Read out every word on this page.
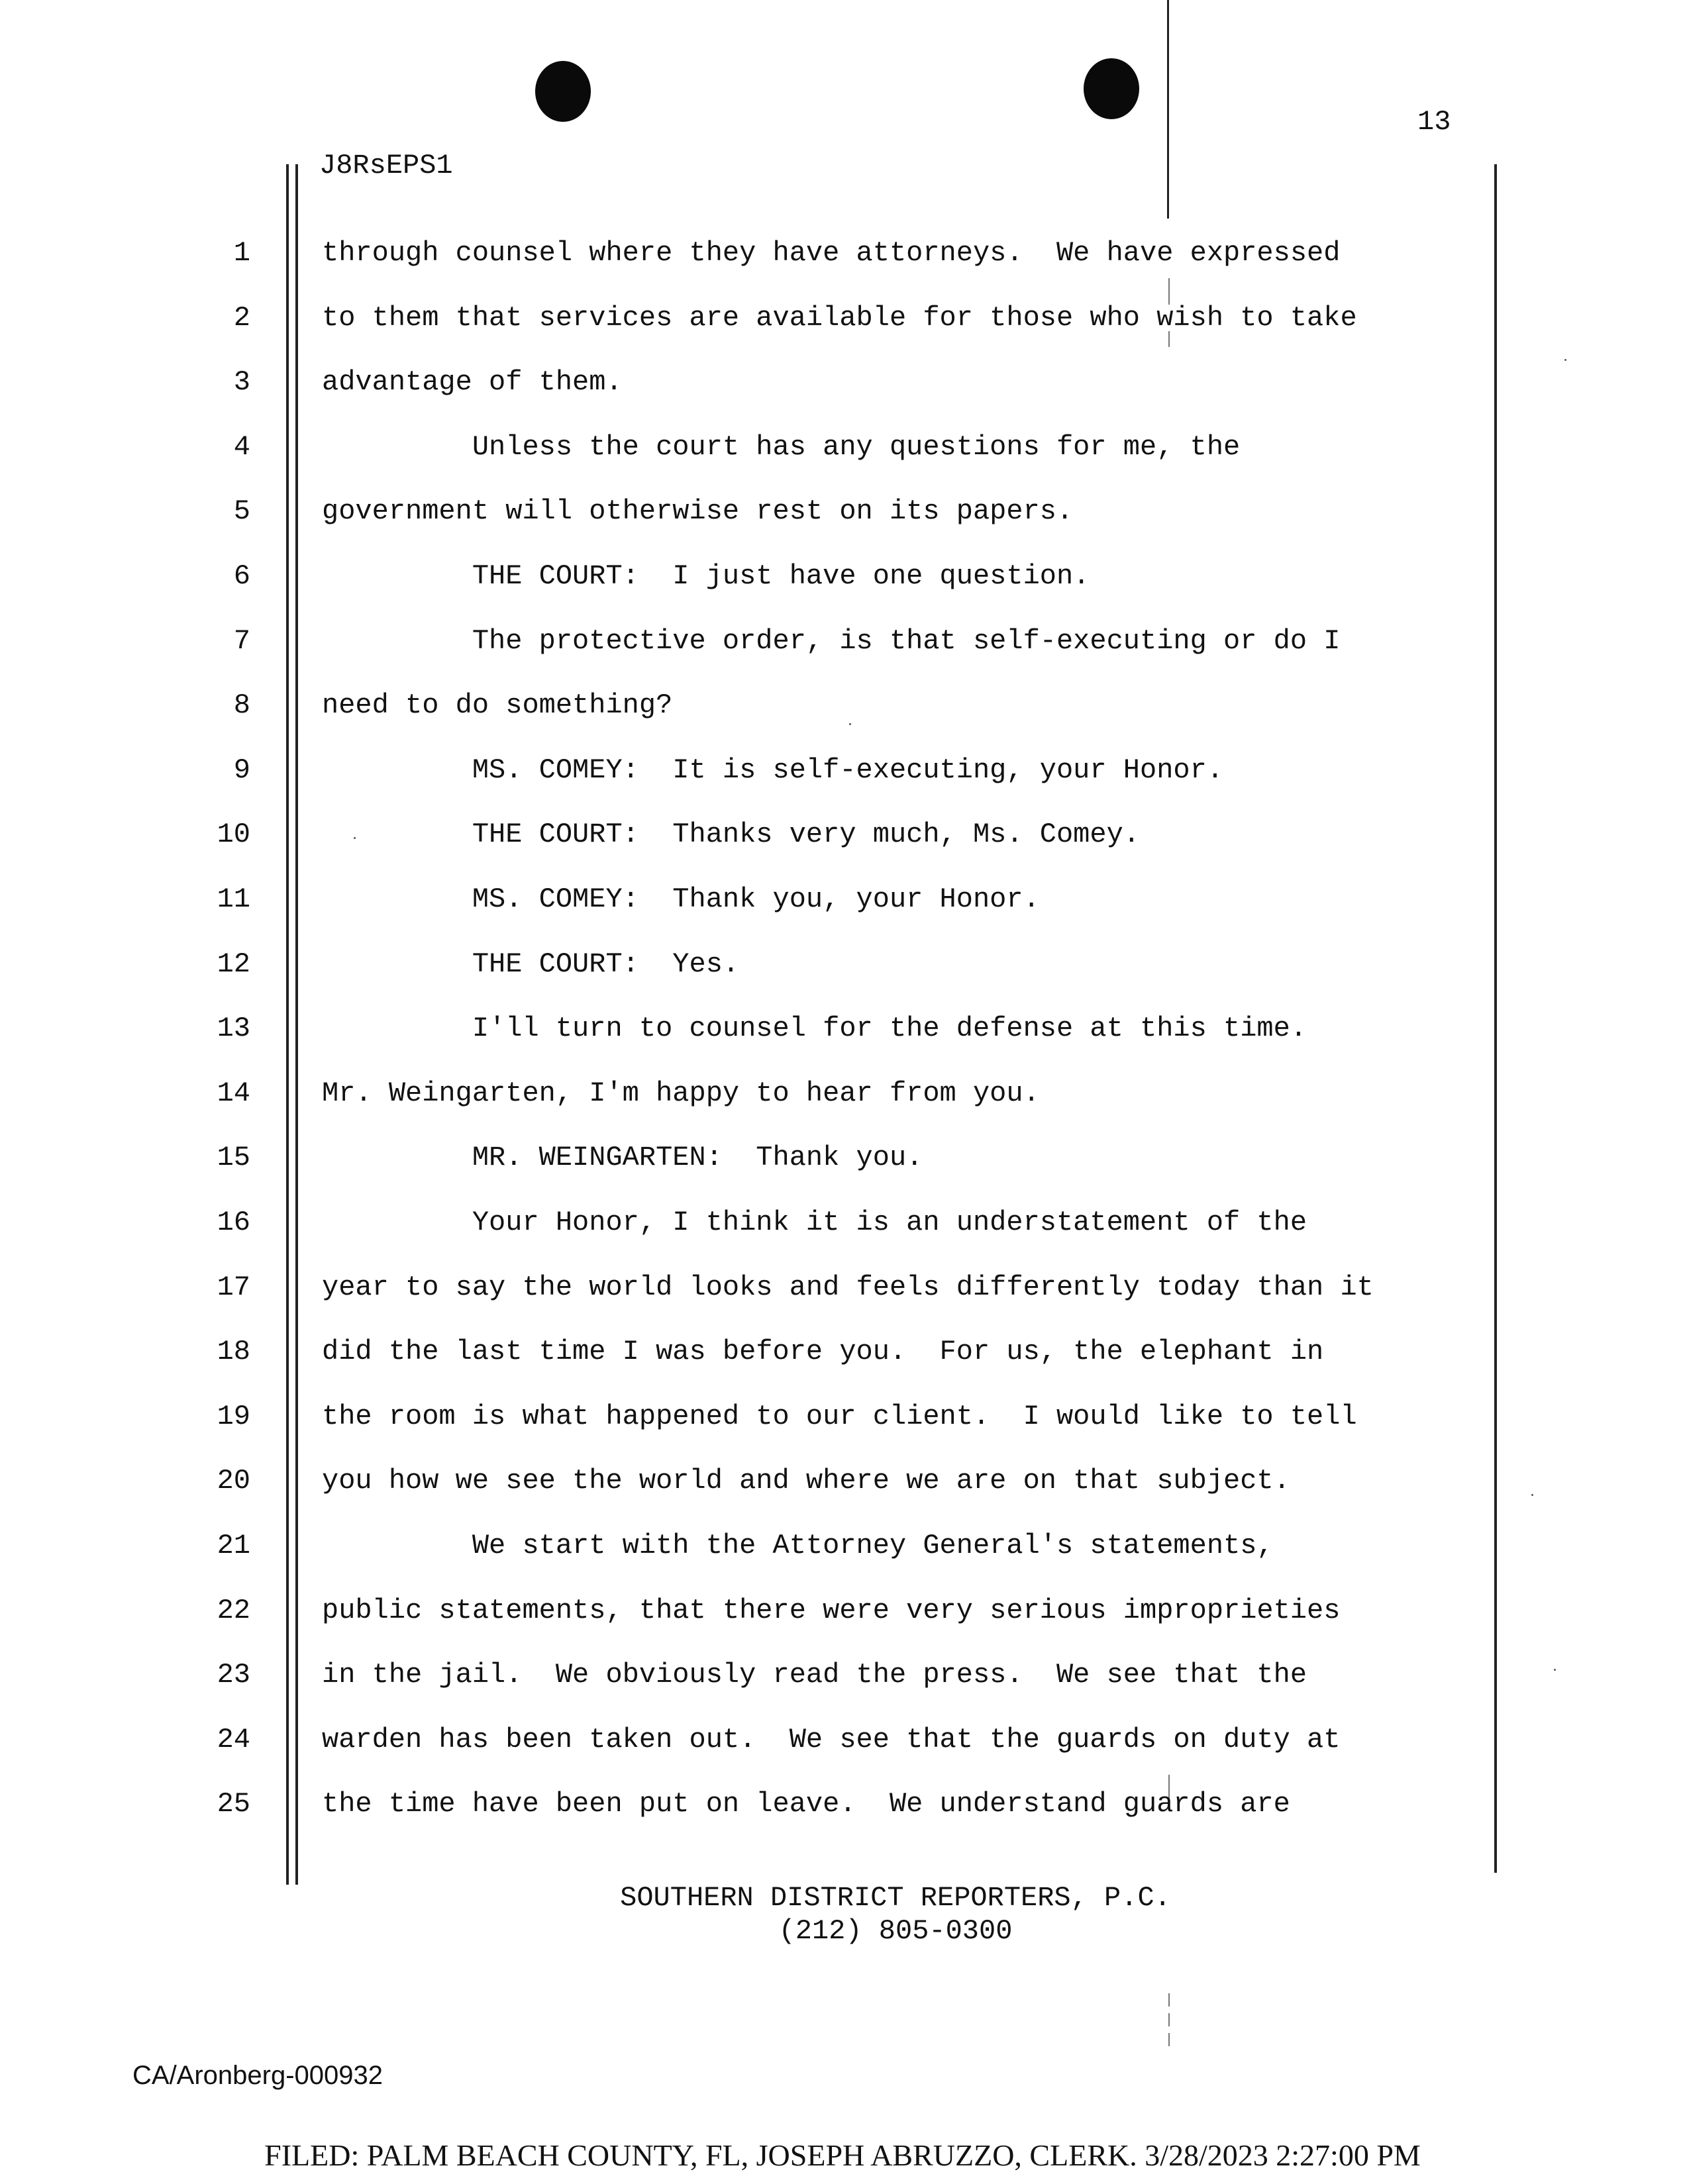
13
J8RsEPS1
1	through counsel where they have attorneys.  We have expressed
2	to them that services are available for those who wish to take
3	advantage of them.
4	Unless the court has any questions for me, the
5	government will otherwise rest on its papers.
6	THE COURT:  I just have one question.
7	The protective order, is that self-executing or do I
8	need to do something?
9	MS. COMEY:  It is self-executing, your Honor.
10	THE COURT:  Thanks very much, Ms. Comey.
11	MS. COMEY:  Thank you, your Honor.
12	THE COURT:  Yes.
13	I'll turn to counsel for the defense at this time.
14	Mr. Weingarten, I'm happy to hear from you.
15	MR. WEINGARTEN:  Thank you.
16	Your Honor, I think it is an understatement of the
17	year to say the world looks and feels differently today than it
18	did the last time I was before you.  For us, the elephant in
19	the room is what happened to our client.  I would like to tell
20	you how we see the world and where we are on that subject.
21	We start with the Attorney General's statements,
22	public statements, that there were very serious improprieties
23	in the jail.  We obviously read the press.  We see that the
24	warden has been taken out.  We see that the guards on duty at
25	the time have been put on leave.  We understand guards are
SOUTHERN DISTRICT REPORTERS, P.C.
(212) 805-0300
CA/Aronberg-000932
FILED: PALM BEACH COUNTY, FL, JOSEPH ABRUZZO, CLERK. 3/28/2023 2:27:00 PM
